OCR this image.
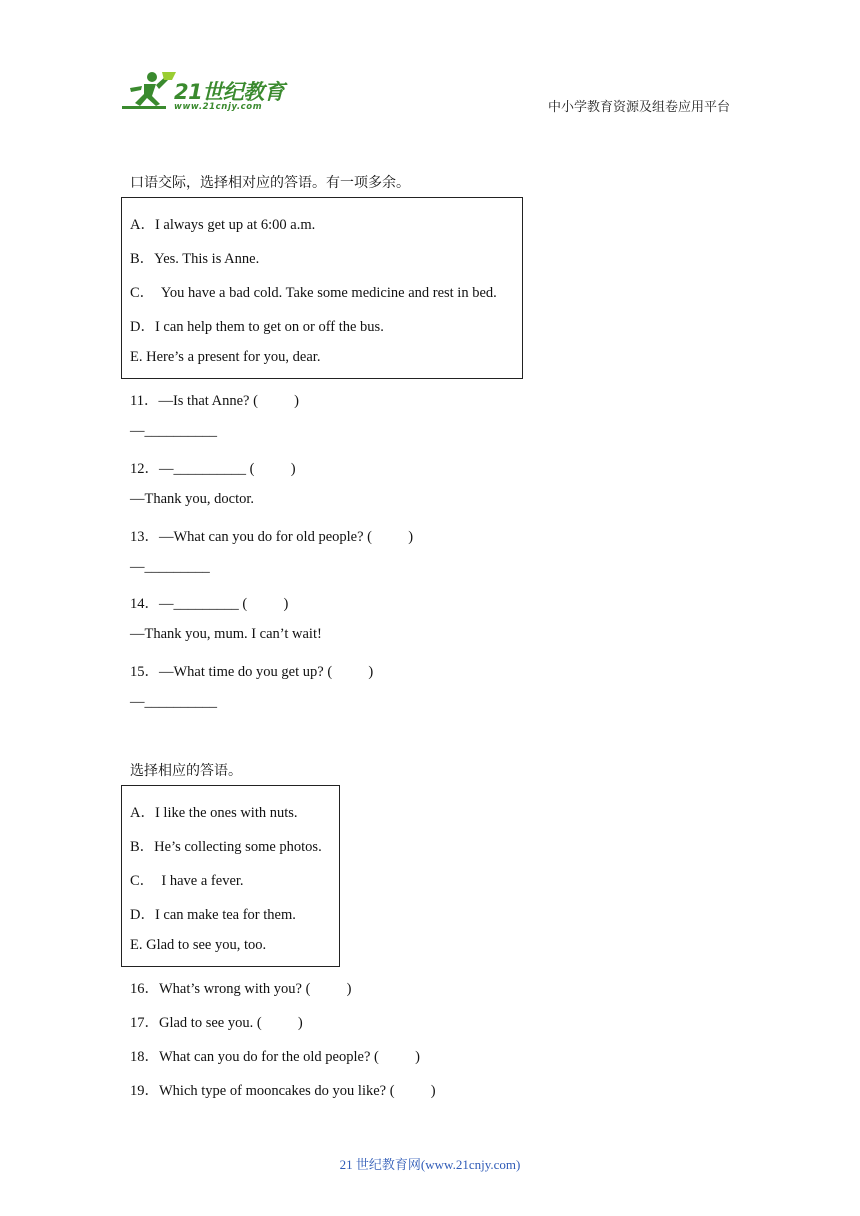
21世纪教育
www.21cnjy.com	中小学教育资源及组卷应用平台
口语交际，选择相对应的答语。有一项多余。
A．I always get up at 6:00 a.m.
B．Yes. This is Anne.
C．  You have a bad cold. Take some medicine and rest in bed.
D．I can help them to get on or off the bus.
E. Here’s a present for you, dear.
11．—Is that Anne? (          )
—__________
12．—__________ (          )
—Thank you, doctor.
13．—What can you do for old people? (          )
—_________
14．—_________ (          )
—Thank you, mum. I can’t wait!
15．—What time do you get up? (          )
—__________
选择相应的答语。
A．I like the ones with nuts.
B．He’s collecting some photos.
C．  I have a fever.
D．I can make tea for them.
E. Glad to see you, too.
16．What’s wrong with you? (          )
17．Glad to see you. (          )
18．What can you do for the old people? (          )
19．Which type of mooncakes do you like? (          )
21 世纪教育网(www.21cnjy.com)
